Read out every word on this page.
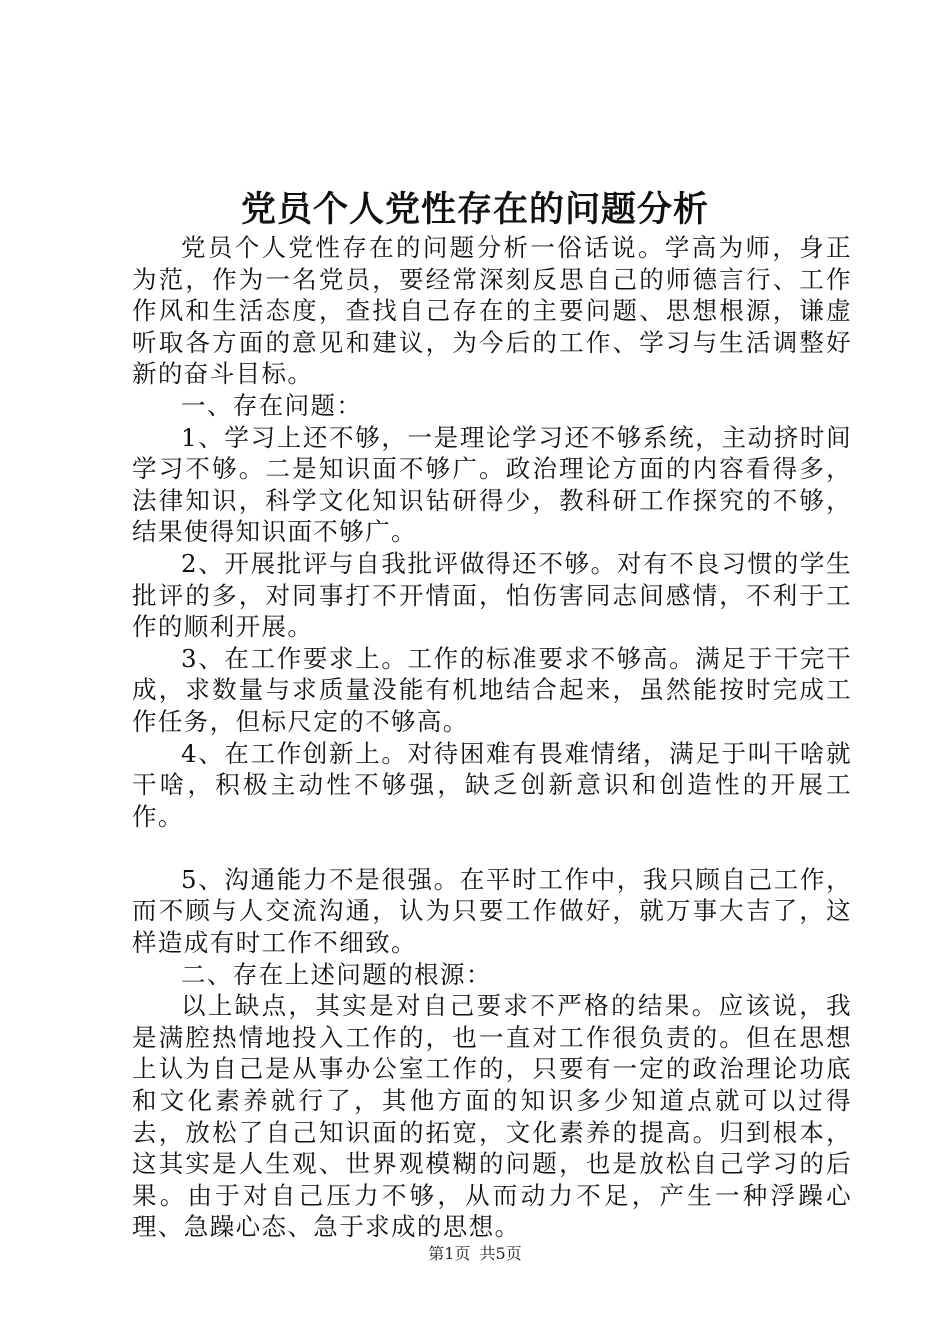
党员个人党性存在的问题分析

党员个人党性存在的问题分析一俗话说。学高为师，身正为范，作为一名党员，要经常深刻反思自己的师德言行、工作作风和生活态度，查找自己存在的主要问题、思想根源，谦虚听取各方面的意见和建议，为今后的工作、学习与生活调整好新的奋斗目标。

一、存在问题：

1、学习上还不够，一是理论学习还不够系统，主动挤时间学习不够。二是知识面不够广。政治理论方面的内容看得多，法律知识，科学文化知识钻研得少，教科研工作探究的不够，结果使得知识面不够广。

2、开展批评与自我批评做得还不够。对有不良习惯的学生批评的多，对同事打不开情面，怕伤害同志间感情，不利于工作的顺利开展。

3、在工作要求上。工作的标准要求不够高。满足于干完干成，求数量与求质量没能有机地结合起来，虽然能按时完成工作任务，但标尺定的不够高。

4、在工作创新上。对待困难有畏难情绪，满足于叫干啥就干啥，积极主动性不够强，缺乏创新意识和创造性的开展工作。

5、沟通能力不是很强。在平时工作中，我只顾自己工作，而不顾与人交流沟通，认为只要工作做好，就万事大吉了，这样造成有时工作不细致。

二、存在上述问题的根源：

以上缺点，其实是对自己要求不严格的结果。应该说，我是满腔热情地投入工作的，也一直对工作很负责的。但在思想上认为自己是从事办公室工作的，只要有一定的政治理论功底和文化素养就行了，其他方面的知识多少知道点就可以过得去，放松了自己知识面的拓宽，文化素养的提高。归到根本，这其实是人生观、世界观模糊的问题，也是放松自己学习的后果。由于对自己压力不够，从而动力不足，产生一种浮躁心理、急躁心态、急于求成的思想。

第1页 共5页
